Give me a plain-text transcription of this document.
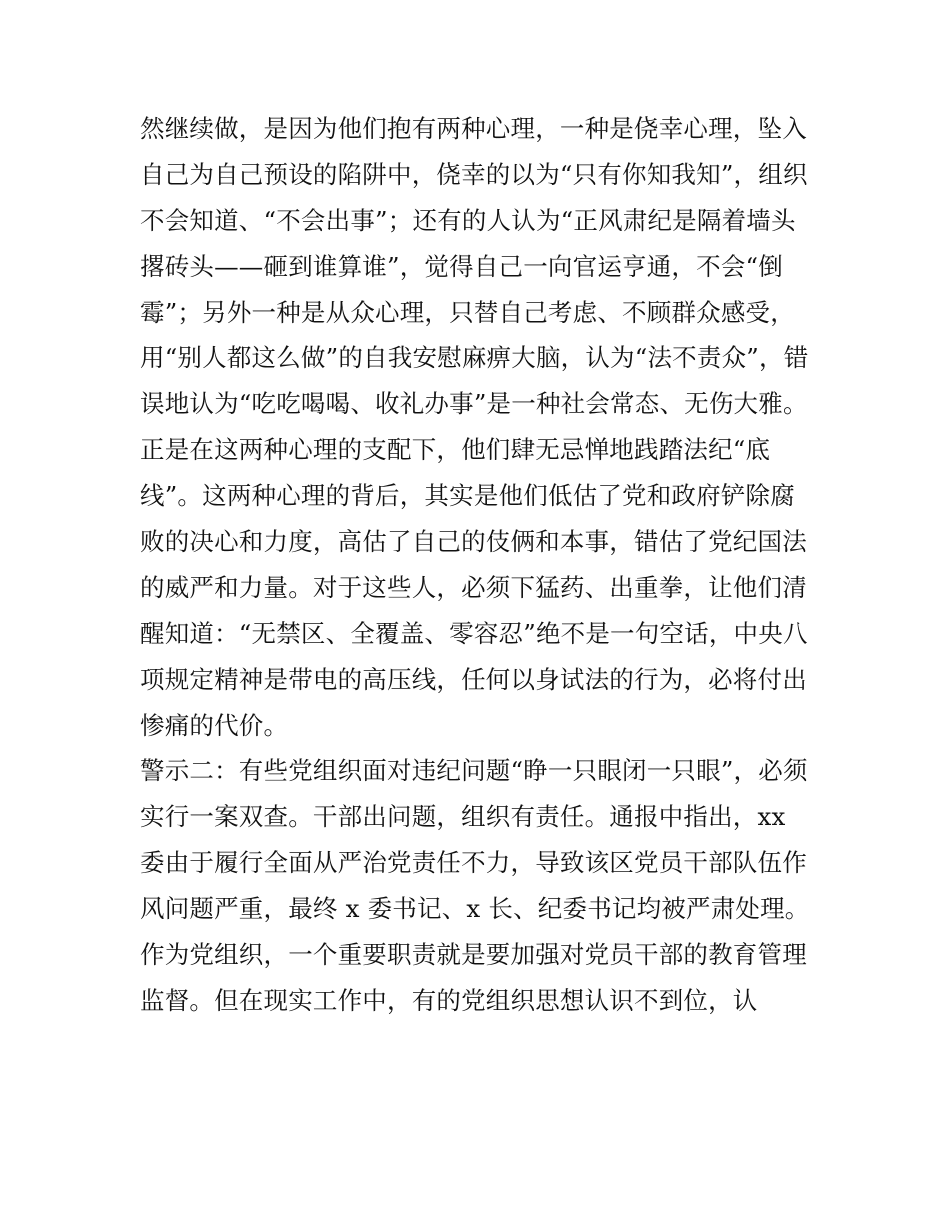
然继续做，是因为他们抱有两种心理，一种是侥幸心理，坠入
自己为自己预设的陷阱中，侥幸的以为“只有你知我知”，组织
不会知道、“不会出事”；还有的人认为“正风肃纪是隔着墙头
撂砖头——砸到谁算谁”，觉得自己一向官运亨通，不会“倒
霉”；另外一种是从众心理，只替自己考虑、不顾群众感受，
用“别人都这么做”的自我安慰麻痹大脑，认为“法不责众”，错
误地认为“吃吃喝喝、收礼办事”是一种社会常态、无伤大雅。
正是在这两种心理的支配下，他们肆无忌惮地践踏法纪“底
线”。这两种心理的背后，其实是他们低估了党和政府铲除腐
败的决心和力度，高估了自己的伎俩和本事，错估了党纪国法
的威严和力量。对于这些人，必须下猛药、出重拳，让他们清
醒知道：“无禁区、全覆盖、零容忍”绝不是一句空话，中央八
项规定精神是带电的高压线，任何以身试法的行为，必将付出
惨痛的代价。
警示二：有些党组织面对违纪问题“睁一只眼闭一只眼”，必须
实行一案双查。干部出问题，组织有责任。通报中指出，xx
委由于履行全面从严治党责任不力，导致该区党员干部队伍作
风问题严重，最终 x 委书记、x 长、纪委书记均被严肃处理。
作为党组织，一个重要职责就是要加强对党员干部的教育管理
监督。但在现实工作中，有的党组织思想认识不到位，认
